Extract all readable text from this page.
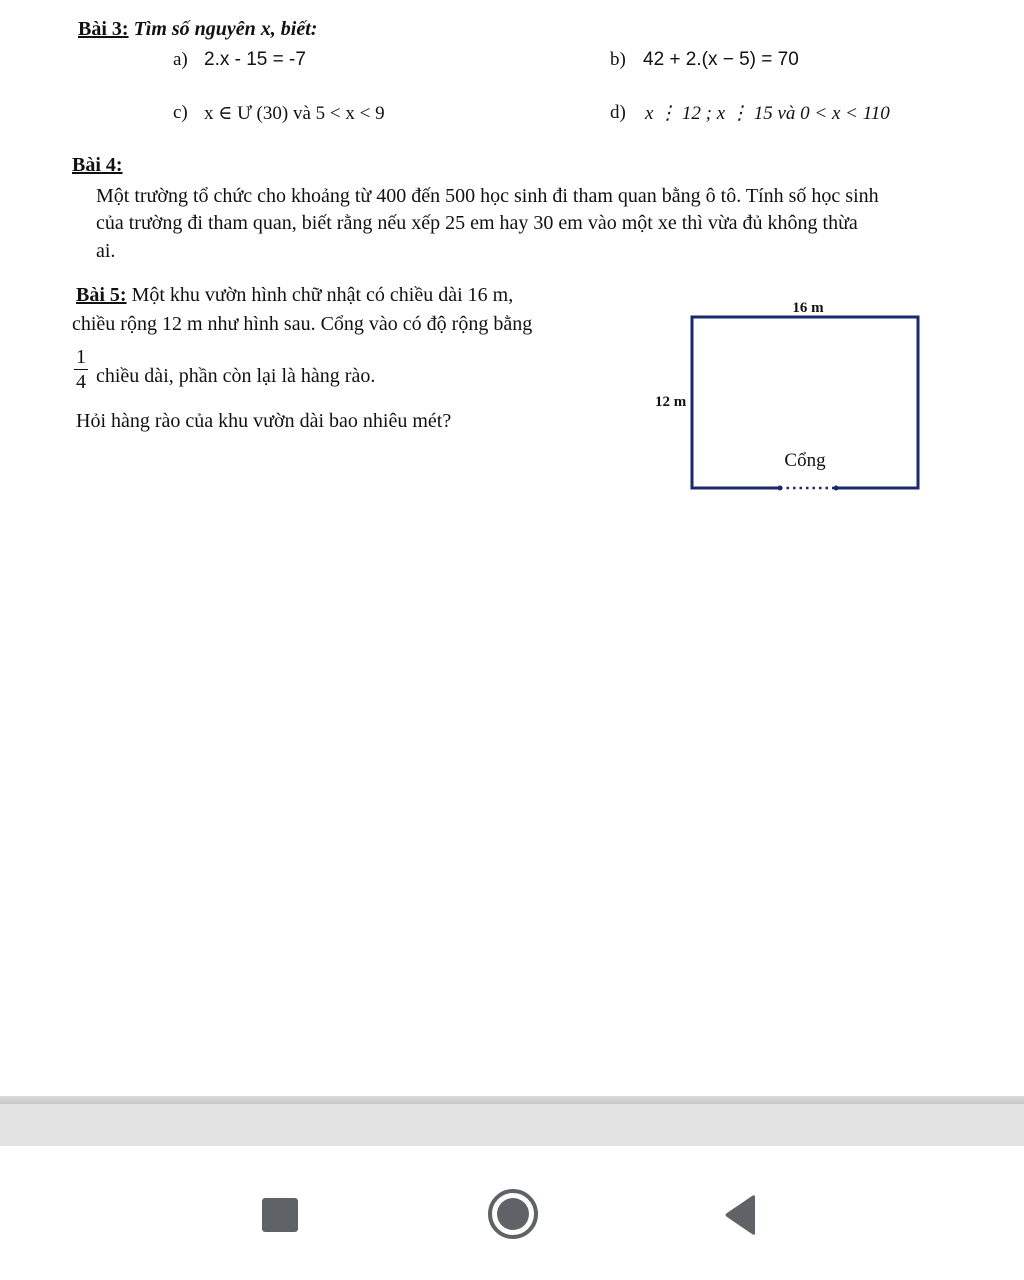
Bài 3: Tìm số nguyên x, biết:
a) 2.x - 15 = -7	b) 42 + 2.(x − 5) = 70
c) x ∈ Ư (30) và 5 < x < 9	d) x ⋮ 12 ; x ⋮ 15 và 0 < x < 110
Bài 4:
Một trường tổ chức cho khoảng từ 400 đến 500 học sinh đi tham quan bằng ô tô. Tính số học sinh
của trường đi tham quan, biết rằng nếu xếp 25 em hay 30 em vào một xe thì vừa đủ không thừa
ai.
Bài 5: Một khu vườn hình chữ nhật có chiều dài 16 m,
chiều rộng 12 m như hình sau. Cổng vào có độ rộng bằng
1
4 chiều dài, phần còn lại là hàng rào.
Hỏi hàng rào của khu vườn dài bao nhiêu mét?
16 m
12 m
Cổng
